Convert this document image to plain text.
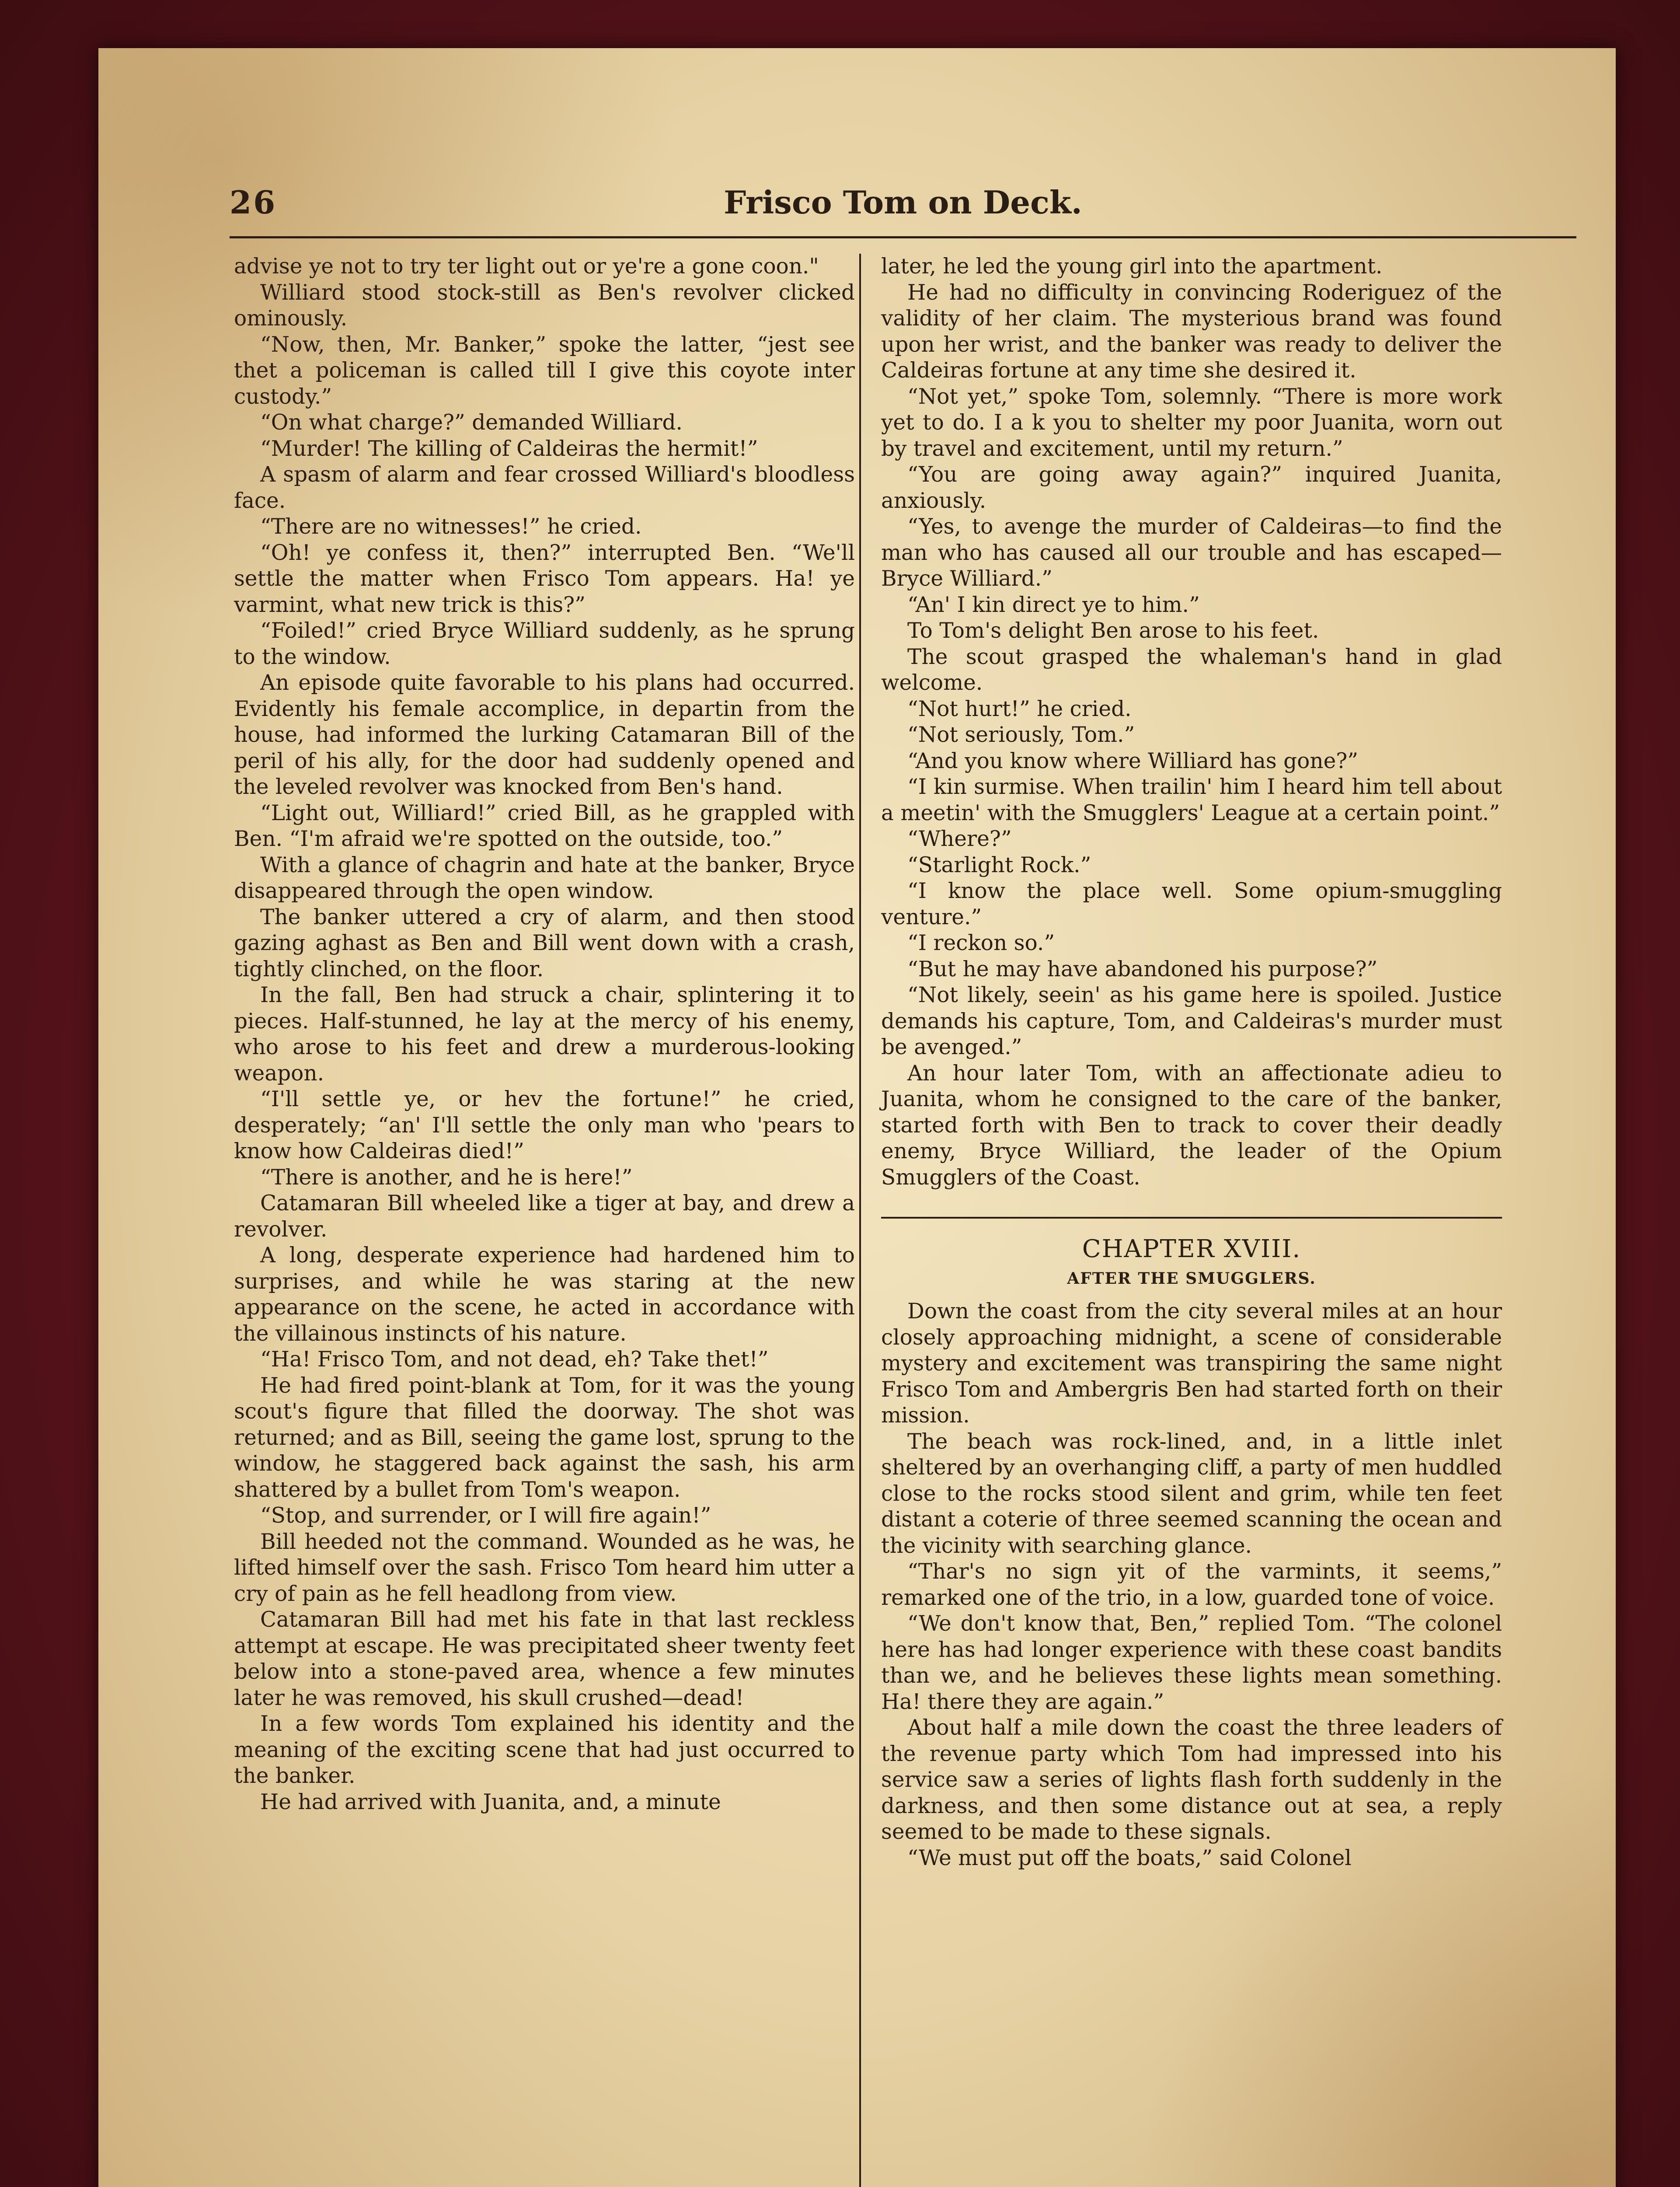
26	Frisco Tom on Deck.

advise ye not to try ter light out or ye're a gone coon."

Williard stood stock-still as Ben's revolver clicked ominously.

“Now, then, Mr. Banker,” spoke the latter, “jest see thet a policeman is called till I give this coyote inter custody.”

“On what charge?” demanded Williard.

“Murder! The killing of Caldeiras the hermit!”

A spasm of alarm and fear crossed Williard's bloodless face.

“There are no witnesses!” he cried.

“Oh! ye confess it, then?” interrupted Ben. “We'll settle the matter when Frisco Tom appears. Ha! ye varmint, what new trick is this?”

“Foiled!” cried Bryce Williard suddenly, as he sprung to the window.

An episode quite favorable to his plans had occurred. Evidently his female accomplice, in departin from the house, had informed the lurking Catamaran Bill of the peril of his ally, for the door had suddenly opened and the leveled revolver was knocked from Ben's hand.

“Light out, Williard!” cried Bill, as he grappled with Ben. “I'm afraid we're spotted on the outside, too.”

With a glance of chagrin and hate at the banker, Bryce disappeared through the open window.

The banker uttered a cry of alarm, and then stood gazing aghast as Ben and Bill went down with a crash, tightly clinched, on the floor.

In the fall, Ben had struck a chair, splintering it to pieces. Half-stunned, he lay at the mercy of his enemy, who arose to his feet and drew a murderous-looking weapon.

“I'll settle ye, or hev the fortune!” he cried, desperately; “an' I'll settle the only man who 'pears to know how Caldeiras died!”

“There is another, and he is here!”

Catamaran Bill wheeled like a tiger at bay, and drew a revolver.

A long, desperate experience had hardened him to surprises, and while he was staring at the new appearance on the scene, he acted in accordance with the villainous instincts of his nature.

“Ha! Frisco Tom, and not dead, eh? Take thet!”

He had fired point-blank at Tom, for it was the young scout's figure that filled the doorway. The shot was returned; and as Bill, seeing the game lost, sprung to the window, he staggered back against the sash, his arm shattered by a bullet from Tom's weapon.

“Stop, and surrender, or I will fire again!”

Bill heeded not the command. Wounded as he was, he lifted himself over the sash. Frisco Tom heard him utter a cry of pain as he fell headlong from view.

Catamaran Bill had met his fate in that last reckless attempt at escape. He was precipitated sheer twenty feet below into a stone-paved area, whence a few minutes later he was removed, his skull crushed—dead!

In a few words Tom explained his identity and the meaning of the exciting scene that had just occurred to the banker.

He had arrived with Juanita, and, a minute

later, he led the young girl into the apartment.

He had no difficulty in convincing Roderiguez of the validity of her claim. The mysterious brand was found upon her wrist, and the banker was ready to deliver the Caldeiras fortune at any time she desired it.

“Not yet,” spoke Tom, solemnly. “There is more work yet to do. I a k you to shelter my poor Juanita, worn out by travel and excitement, until my return.”

“You are going away again?” inquired Juanita, anxiously.

“Yes, to avenge the murder of Caldeiras—to find the man who has caused all our trouble and has escaped—Bryce Williard.”

“An' I kin direct ye to him.”

To Tom's delight Ben arose to his feet.

The scout grasped the whaleman's hand in glad welcome.

“Not hurt!” he cried.

“Not seriously, Tom.”

“And you know where Williard has gone?”

“I kin surmise. When trailin' him I heard him tell about a meetin' with the Smugglers' League at a certain point.”

“Where?”

“Starlight Rock.”

“I know the place well. Some opium-smuggling venture.”

“I reckon so.”

“But he may have abandoned his purpose?”

“Not likely, seein' as his game here is spoiled. Justice demands his capture, Tom, and Caldeiras's murder must be avenged.”

An hour later Tom, with an affectionate adieu to Juanita, whom he consigned to the care of the banker, started forth with Ben to track to cover their deadly enemy, Bryce Williard, the leader of the Opium Smugglers of the Coast.

CHAPTER XVIII.
AFTER THE SMUGGLERS.

Down the coast from the city several miles at an hour closely approaching midnight, a scene of considerable mystery and excitement was transpiring the same night Frisco Tom and Ambergris Ben had started forth on their mission.

The beach was rock-lined, and, in a little inlet sheltered by an overhanging cliff, a party of men huddled close to the rocks stood silent and grim, while ten feet distant a coterie of three seemed scanning the ocean and the vicinity with searching glance.

“Thar's no sign yit of the varmints, it seems,” remarked one of the trio, in a low, guarded tone of voice.

“We don't know that, Ben,” replied Tom. “The colonel here has had longer experience with these coast bandits than we, and he believes these lights mean something. Ha! there they are again.”

About half a mile down the coast the three leaders of the revenue party which Tom had impressed into his service saw a series of lights flash forth suddenly in the darkness, and then some distance out at sea, a reply seemed to be made to these signals.

“We must put off the boats,” said Colonel
